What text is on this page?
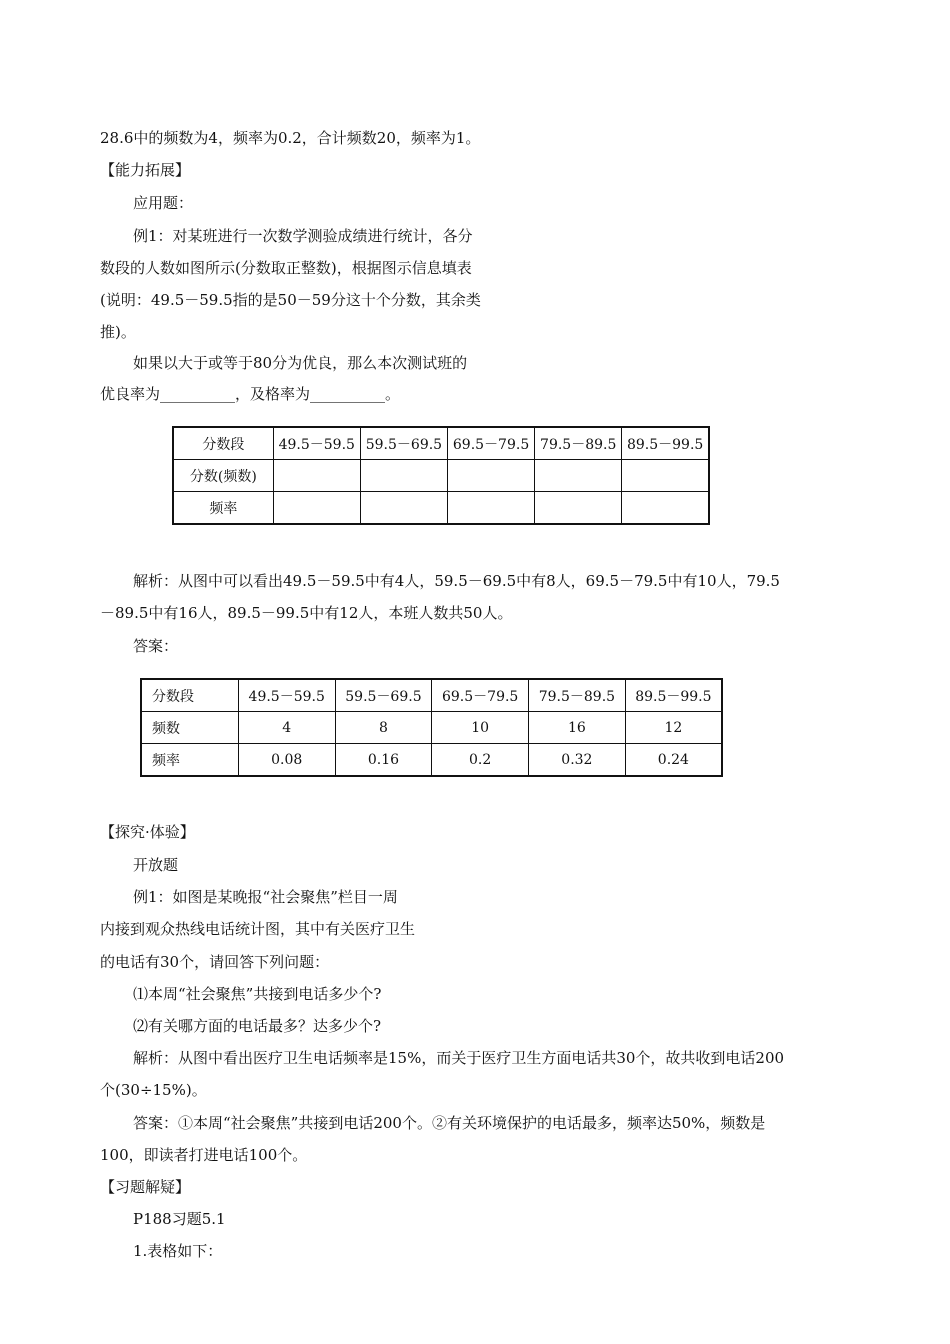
28.6中的频数为4，频率为0.2，合计频数20，频率为1。
【能力拓展】
应用题：
例1：对某班进行一次数学测验成绩进行统计，各分
数段的人数如图所示(分数取正整数)，根据图示信息填表
(说明：49.5－59.5指的是50－59分这十个分数，其余类
推)。
如果以大于或等于80分为优良，那么本次测试班的
优良率为__________，及格率为__________。
分数段	49.5－59.5	59.5－69.5	69.5－79.5	79.5－89.5	89.5－99.5
分数(频数)					
频率					
解析：从图中可以看出49.5－59.5中有4人，59.5－69.5中有8人，69.5－79.5中有10人，79.5
－89.5中有16人，89.5－99.5中有12人，本班人数共50人。
答案：
分数段	49.5－59.5	59.5－69.5	69.5－79.5	79.5－89.5	89.5－99.5
频数	4	8	10	16	12
频率	0.08	0.16	0.2	0.32	0.24
【探究·体验】
开放题
例1：如图是某晚报“社会聚焦”栏目一周
内接到观众热线电话统计图，其中有关医疗卫生
的电话有30个，请回答下列问题：
⑴本周“社会聚焦”共接到电话多少个?
⑵有关哪方面的电话最多？达多少个?
解析：从图中看出医疗卫生电话频率是15%，而关于医疗卫生方面电话共30个，故共收到电话200
个(30÷15%)。
答案：①本周“社会聚焦”共接到电话200个。②有关环境保护的电话最多，频率达50%，频数是
100，即读者打进电话100个。
【习题解疑】
P188习题5.1
1.表格如下：
